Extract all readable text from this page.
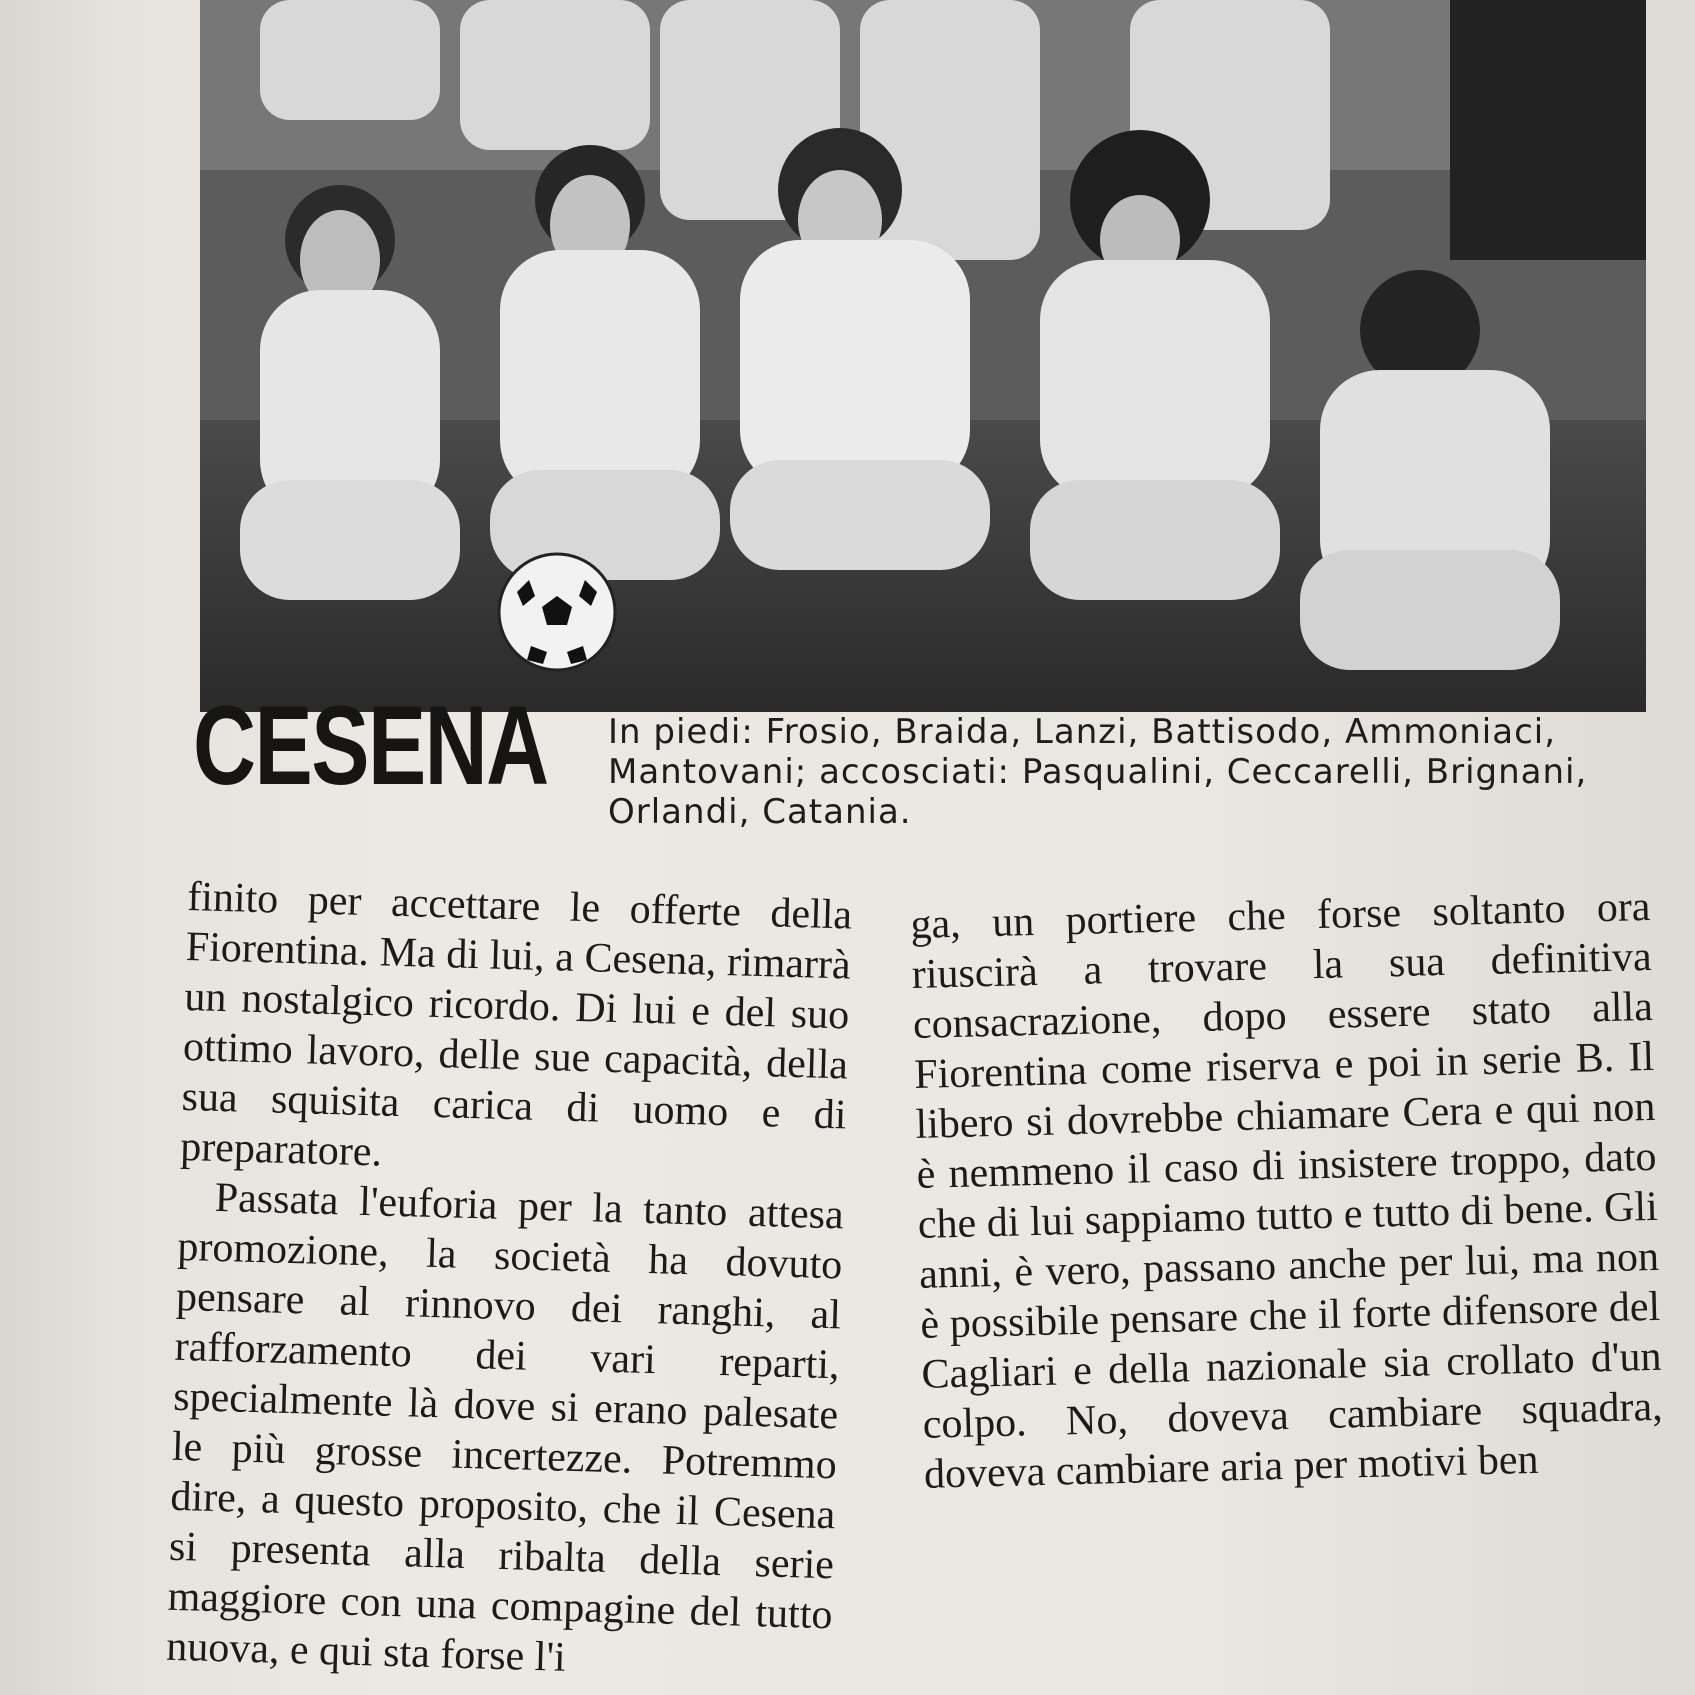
CESENA In piedi: Frosio, Braida, Lanzi, Battisodo, Ammoniaci, Mantovani; accosciati: Pasqualini, Ceccarelli, Brignani, Orlandi, Catania.

finito per accettare le offerte della Fiorentina. Ma di lui, a Cesena, rimarrà un nostalgico ricordo. Di lui e del suo ottimo lavoro, delle sue capacità, della sua squisita carica di uomo e di preparatore.

Passata l'euforia per la tanto attesa promozione, la società ha dovuto pensare al rinnovo dei ranghi, al rafforzamento dei vari reparti, specialmente là dove si erano palesate le più grosse incertezze. Potremmo dire, a questo proposito, che il Cesena si presenta alla ribalta della serie maggiore con una compagine del tutto nuova, e qui sta forse l'i

ga, un portiere che forse soltanto ora riuscirà a trovare la sua definitiva consacrazione, dopo essere stato alla Fiorentina come riserva e poi in serie B. Il libero si dovrebbe chiamare Cera e qui non è nemmeno il caso di insistere troppo, dato che di lui sappiamo tutto e tutto di bene. Gli anni, è vero, passano anche per lui, ma non è possibile pensare che il forte difensore del Cagliari e della nazionale sia crollato d'un colpo. No, doveva cambiare squadra, doveva cambiare aria per motivi ben
